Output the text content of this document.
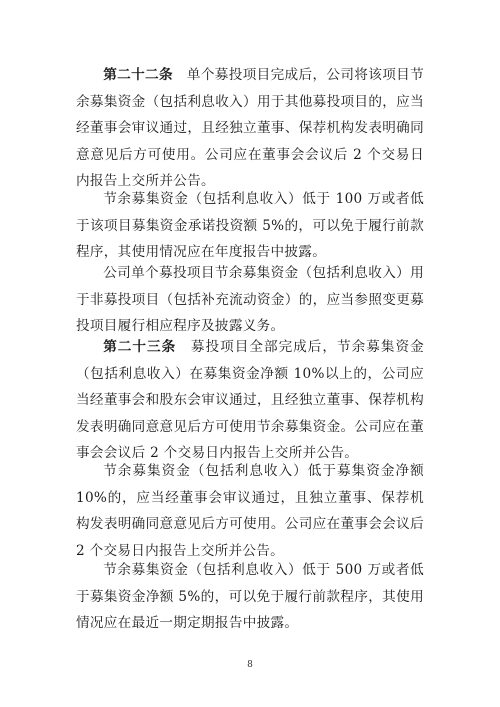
第二十二条　单个募投项目完成后，公司将该项目节余募集资金（包括利息收入）用于其他募投项目的，应当经董事会审议通过，且经独立董事、保荐机构发表明确同意意见后方可使用。公司应在董事会会议后 2 个交易日内报告上交所并公告。

节余募集资金（包括利息收入）低于 100 万或者低于该项目募集资金承诺投资额 5%的，可以免于履行前款程序，其使用情况应在年度报告中披露。

公司单个募投项目节余募集资金（包括利息收入）用于非募投项目（包括补充流动资金）的，应当参照变更募投项目履行相应程序及披露义务。

第二十三条　募投项目全部完成后，节余募集资金（包括利息收入）在募集资金净额 10%以上的，公司应当经董事会和股东会审议通过，且经独立董事、保荐机构发表明确同意意见后方可使用节余募集资金。公司应在董事会会议后 2 个交易日内报告上交所并公告。

节余募集资金（包括利息收入）低于募集资金净额 10%的，应当经董事会审议通过，且独立董事、保荐机构发表明确同意意见后方可使用。公司应在董事会会议后 2 个交易日内报告上交所并公告。

节余募集资金（包括利息收入）低于 500 万或者低于募集资金净额 5%的，可以免于履行前款程序，其使用情况应在最近一期定期报告中披露。

8
